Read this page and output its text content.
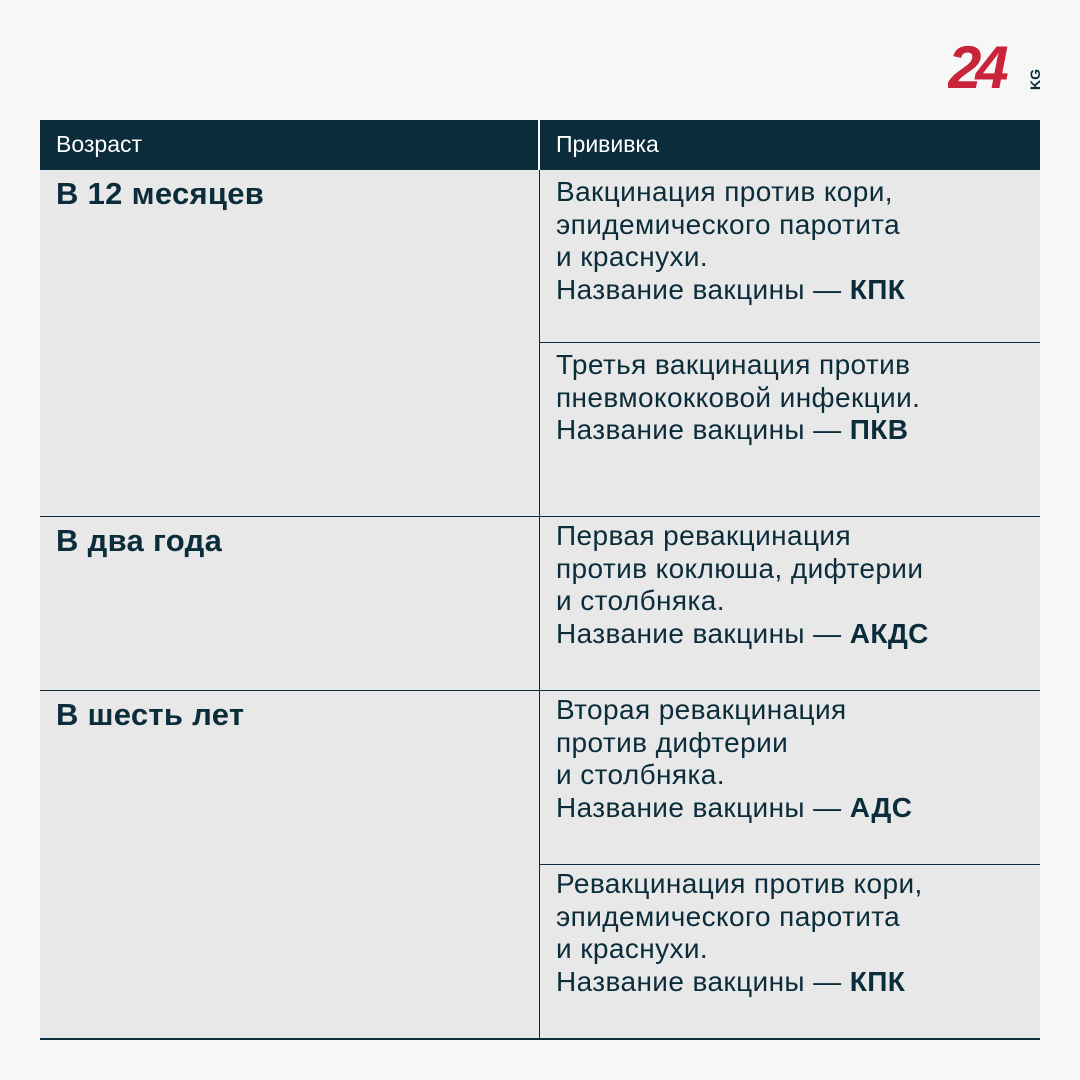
24	KG
Возраст	Прививка
В 12 месяцев	Вакцинация против кори,
эпидемического паротита
и краснухи.
Название вакцины — КПК
Третья вакцинация против
пневмококковой инфекции.
Название вакцины — ПКВ
В два года	Первая ревакцинация
против коклюша, дифтерии
и столбняка.
Название вакцины — АКДС
В шесть лет	Вторая ревакцинация
против дифтерии
и столбняка.
Название вакцины — АДС
Ревакцинация против кори,
эпидемического паротита
и краснухи.
Название вакцины — КПК
